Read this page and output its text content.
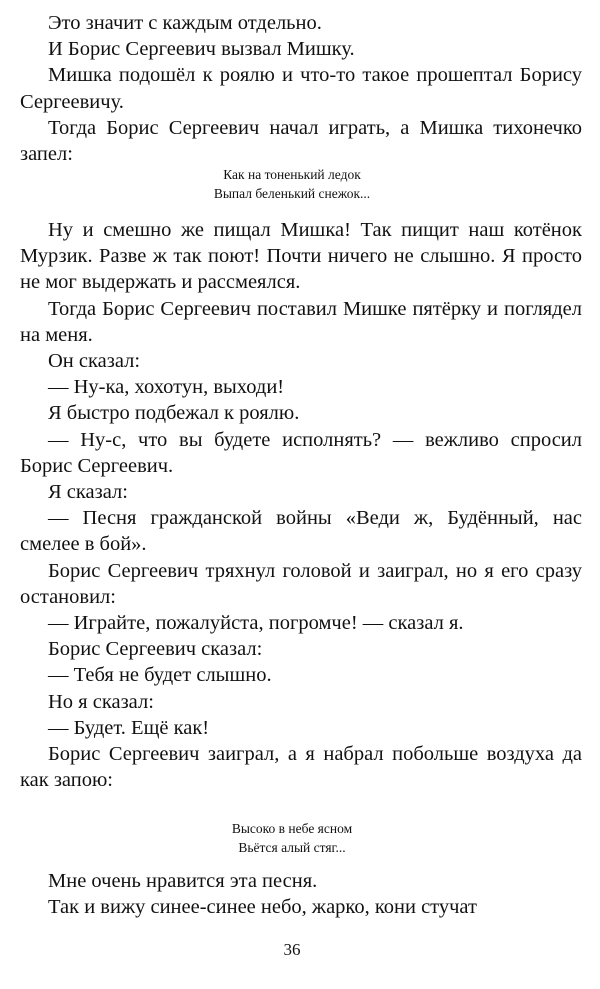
Это значит с каждым отдельно.

И Борис Сергеевич вызвал Мишку.

Мишка подошёл к роялю и что-то такое прошептал Борису Сергеевичу.

Тогда Борис Сергеевич начал играть, а Мишка тихонечко запел:

Как на тоненький ледок
Выпал беленький снежок...

Ну и смешно же пищал Мишка! Так пищит наш котёнок Мурзик. Разве ж так поют! Почти ничего не слышно. Я просто не мог выдержать и рассмеялся.

Тогда Борис Сергеевич поставил Мишке пятёрку и поглядел на меня.

Он сказал:

— Ну-ка, хохотун, выходи!

Я быстро подбежал к роялю.

— Ну-с, что вы будете исполнять? — вежливо спросил Борис Сергеевич.

Я сказал:

— Песня гражданской войны «Веди ж, Будённый, нас смелее в бой».

Борис Сергеевич тряхнул головой и заиграл, но я его сразу остановил:

— Играйте, пожалуйста, погромче! — сказал я.

Борис Сергеевич сказал:

— Тебя не будет слышно.

Но я сказал:

— Будет. Ещё как!

Борис Сергеевич заиграл, а я набрал побольше воздуха да как запою:

Высоко в небе ясном
Вьётся алый стяг...

Мне очень нравится эта песня.

Так и вижу синее-синее небо, жарко, кони стучат

36
